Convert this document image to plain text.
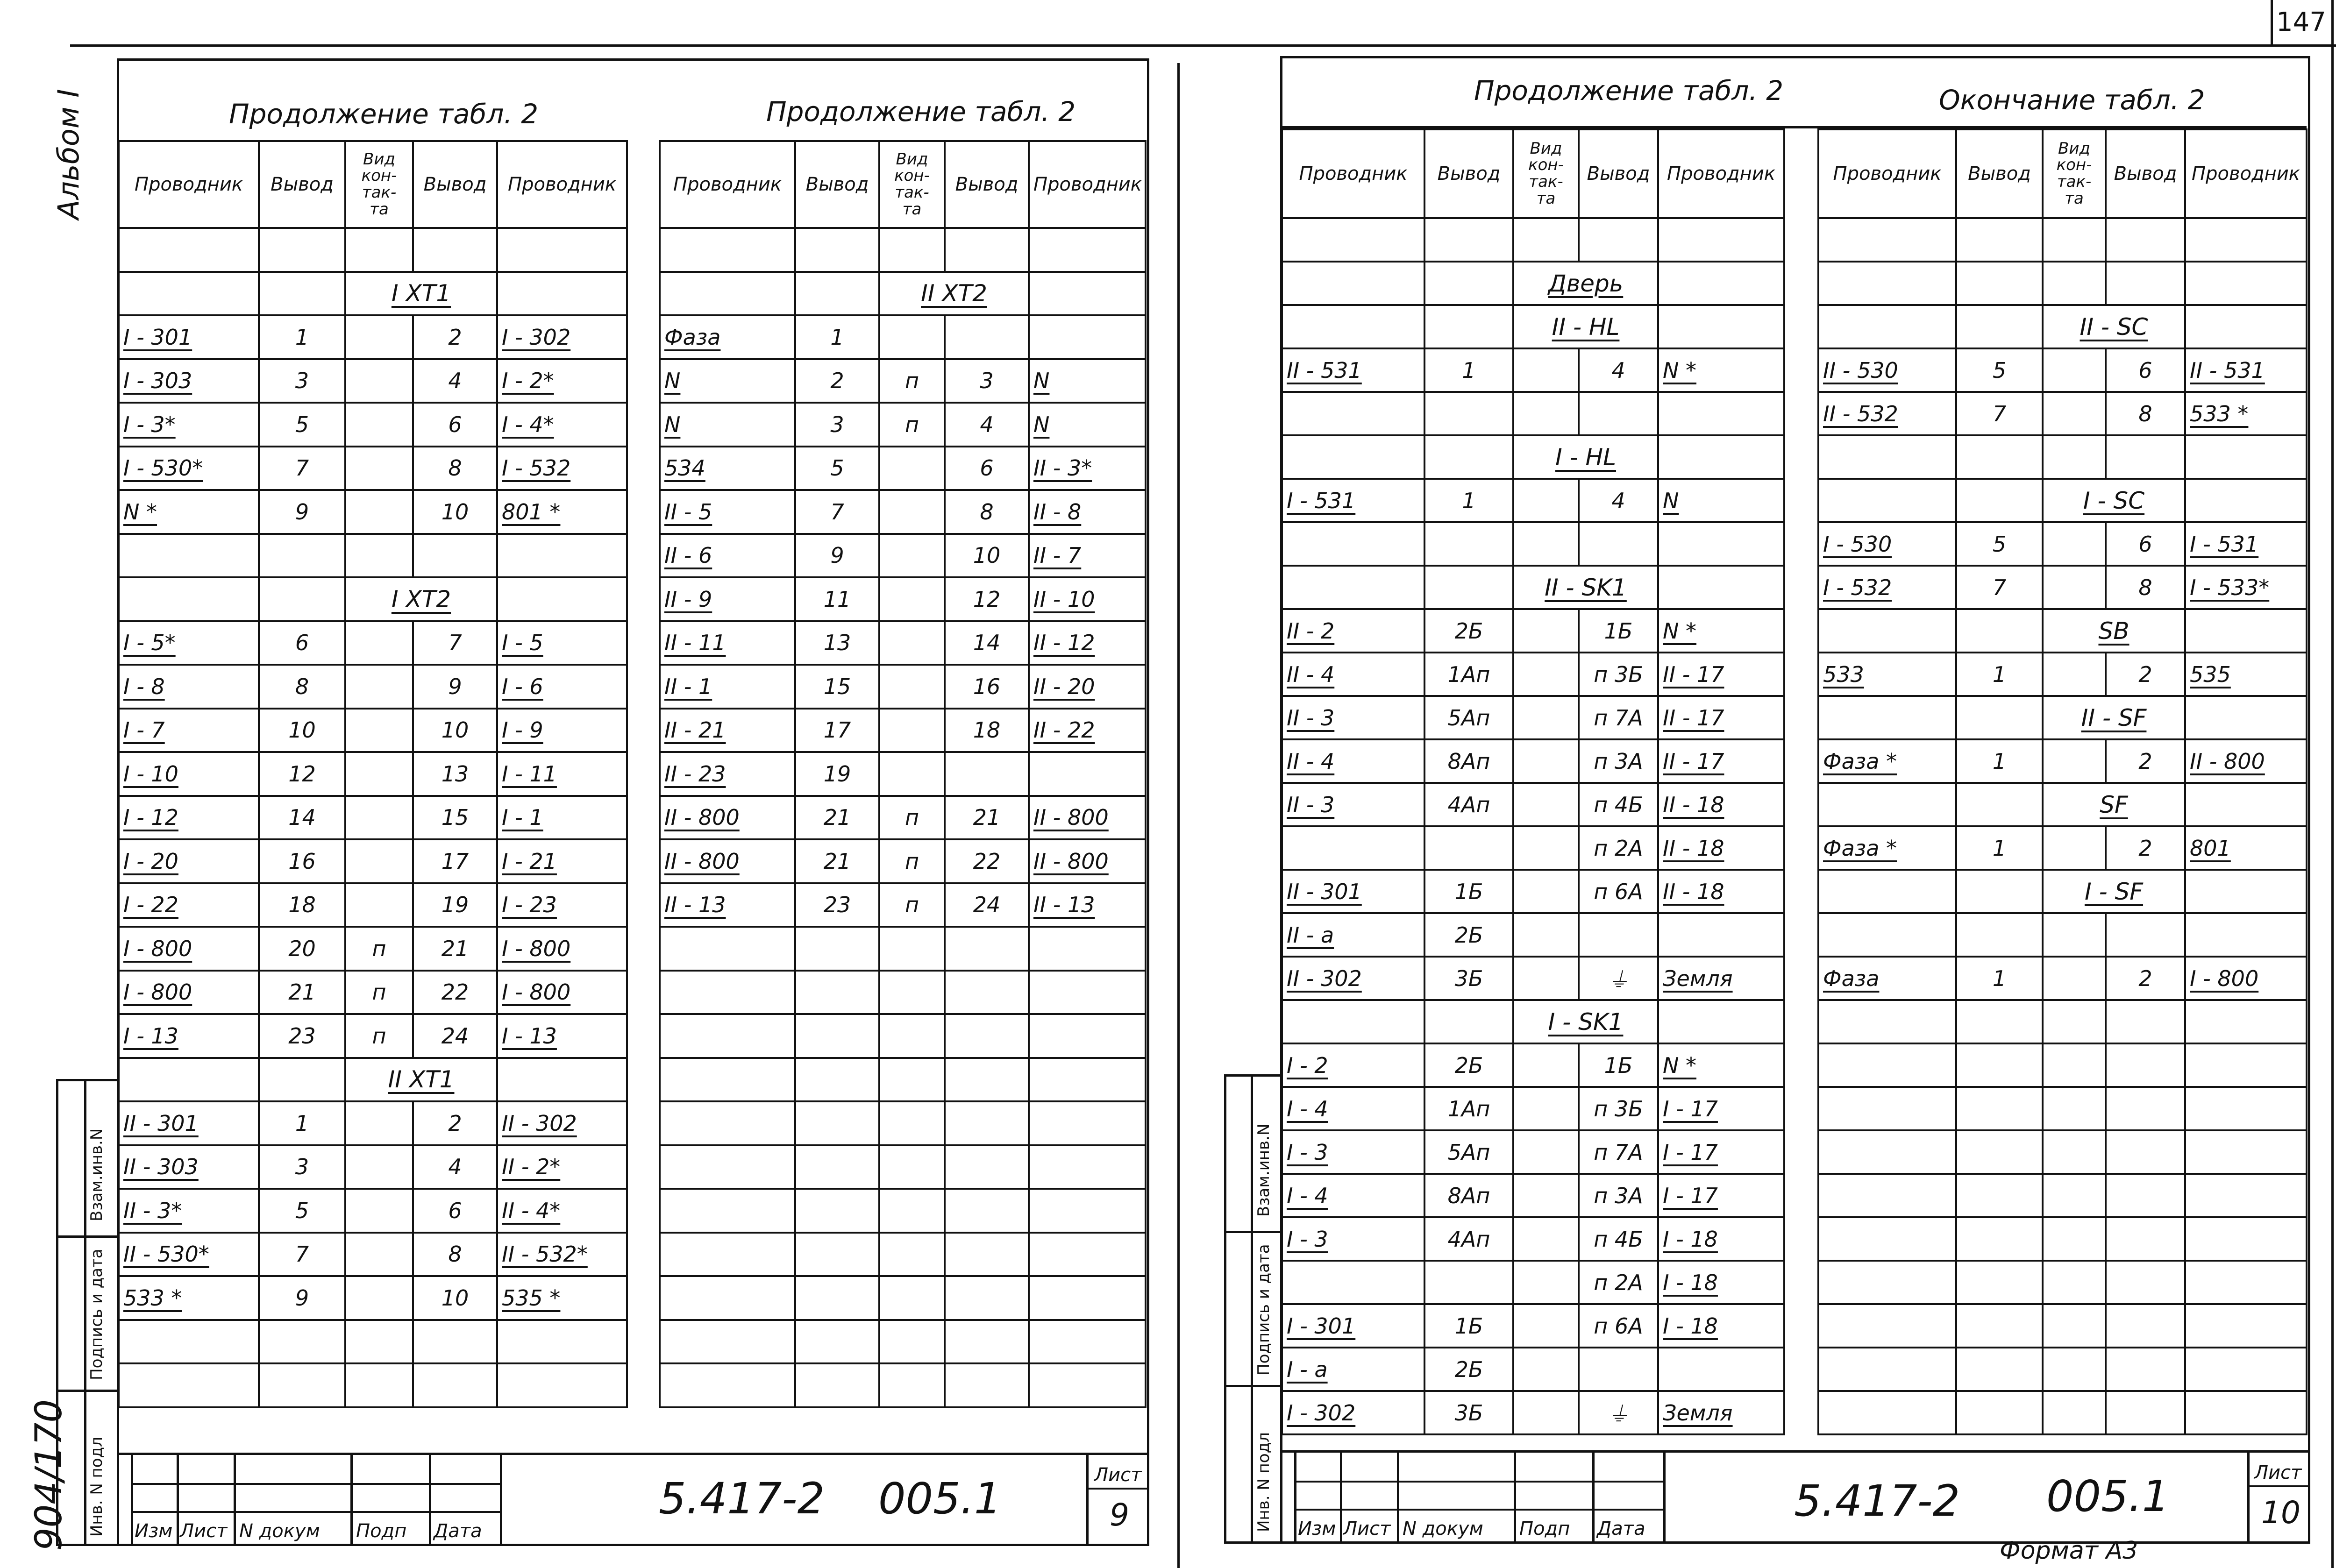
147
Альбом I
904/170	Формат А3
Продолжение табл. 2	Продолжение табл. 2
Проводник	Вывод	Вид
кон-
так-
та	Вывод	Проводник

		I XT1		
I - 301	1		2	I - 302
I - 303	3		4	I - 2*
I - 3*	5		6	I - 4*
I - 530*	7		8	I - 532
N *	9		10	801 *

		I XT2		
I - 5*	6		7	I - 5
I - 8	8		9	I - 6
I - 7	10		10	I - 9
I - 10	12		13	I - 11
I - 12	14		15	I - 1
I - 20	16		17	I - 21
I - 22	18		19	I - 23
I - 800	20	п	21	I - 800
I - 800	21	п	22	I - 800
I - 13	23	п	24	I - 13
		II XT1		
II - 301	1		2	II - 302
II - 303	3		4	II - 2*
II - 3*	5		6	II - 4*
II - 530*	7		8	II - 532*
533 *	9		10	535 *

Проводник	Вывод	Вид
кон-
так-
та	Вывод	Проводник

		II XT2		
Фаза	1			
N	2	п	3	N
N	3	п	4	N
534	5		6	II - 3*
II - 5	7		8	II - 8
II - 6	9		10	II - 7
II - 9	11		12	II - 10
II - 11	13		14	II - 12
II - 1	15		16	II - 20
II - 21	17		18	II - 22
II - 23	19			
II - 800	21	п	21	II - 800
II - 800	21	п	22	II - 800
II - 13	23	п	24	II - 13

Взам.инв.N
Подпись и дата
Инв. N подл Изм Лист N докум Подп Дата
5.417-2 005.1	Лист
9
Продолжение табл. 2	Окончание табл. 2
Проводник	Вывод	Вид
кон-
так-
та	Вывод	Проводник

		Дверь		
		II - HL		
II - 531	1		4	N *

		I - HL		
I - 531	1		4	N

		II - SK1		
II - 2	2Б		1Б	N *
II - 4	1Ап		п 3Б	II - 17
II - 3	5Ап		п 7А	II - 17
II - 4	8Ап		п 3А	II - 17
II - 3	4Ап		п 4Б	II - 18
			п 2А	II - 18
II - 301	1Б		п 6А	II - 18
II - а	2Б			
II - 302	3Б		⏚	Земля
		I - SK1		
I - 2	2Б		1Б	N *
I - 4	1Ап		п 3Б	I - 17
I - 3	5Ап		п 7А	I - 17
I - 4	8Ап		п 3А	I - 17
I - 3	4Ап		п 4Б	I - 18
			п 2А	I - 18
I - 301	1Б		п 6А	I - 18
I - а	2Б			
I - 302	3Б		⏚	Земля
Проводник	Вывод	Вид
кон-
так-
та	Вывод	Проводник

		II - SC		
II - 530	5		6	II - 531
II - 532	7		8	533 *

		I - SC		
I - 530	5		6	I - 531
I - 532	7		8	I - 533*
		SB		
533	1		2	535
		II - SF		
Фаза *	1		2	II - 800
		SF		
Фаза *	1		2	801
		I - SF		

Фаза	1		2	I - 800

Взам.инв.N
Подпись и дата
Инв. N подл Изм Лист N докум Подп Дата
5.417-2 005.1	Лист
10
